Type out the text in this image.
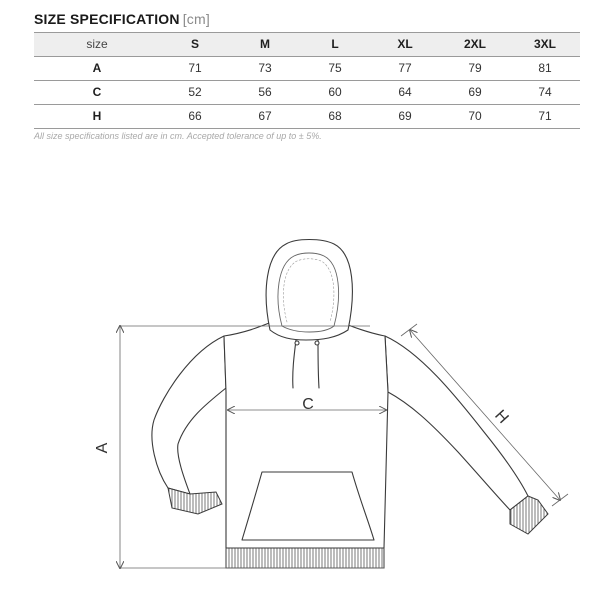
SIZE SPECIFICATION [cm]
size	S	M	L	XL	2XL	3XL
A	71	73	75	77	79	81
C	52	56	60	64	69	74
H	66	67	68	69	70	71
All size specifications listed are in cm. Accepted tolerance of up to ± 5%.
A
C
H
